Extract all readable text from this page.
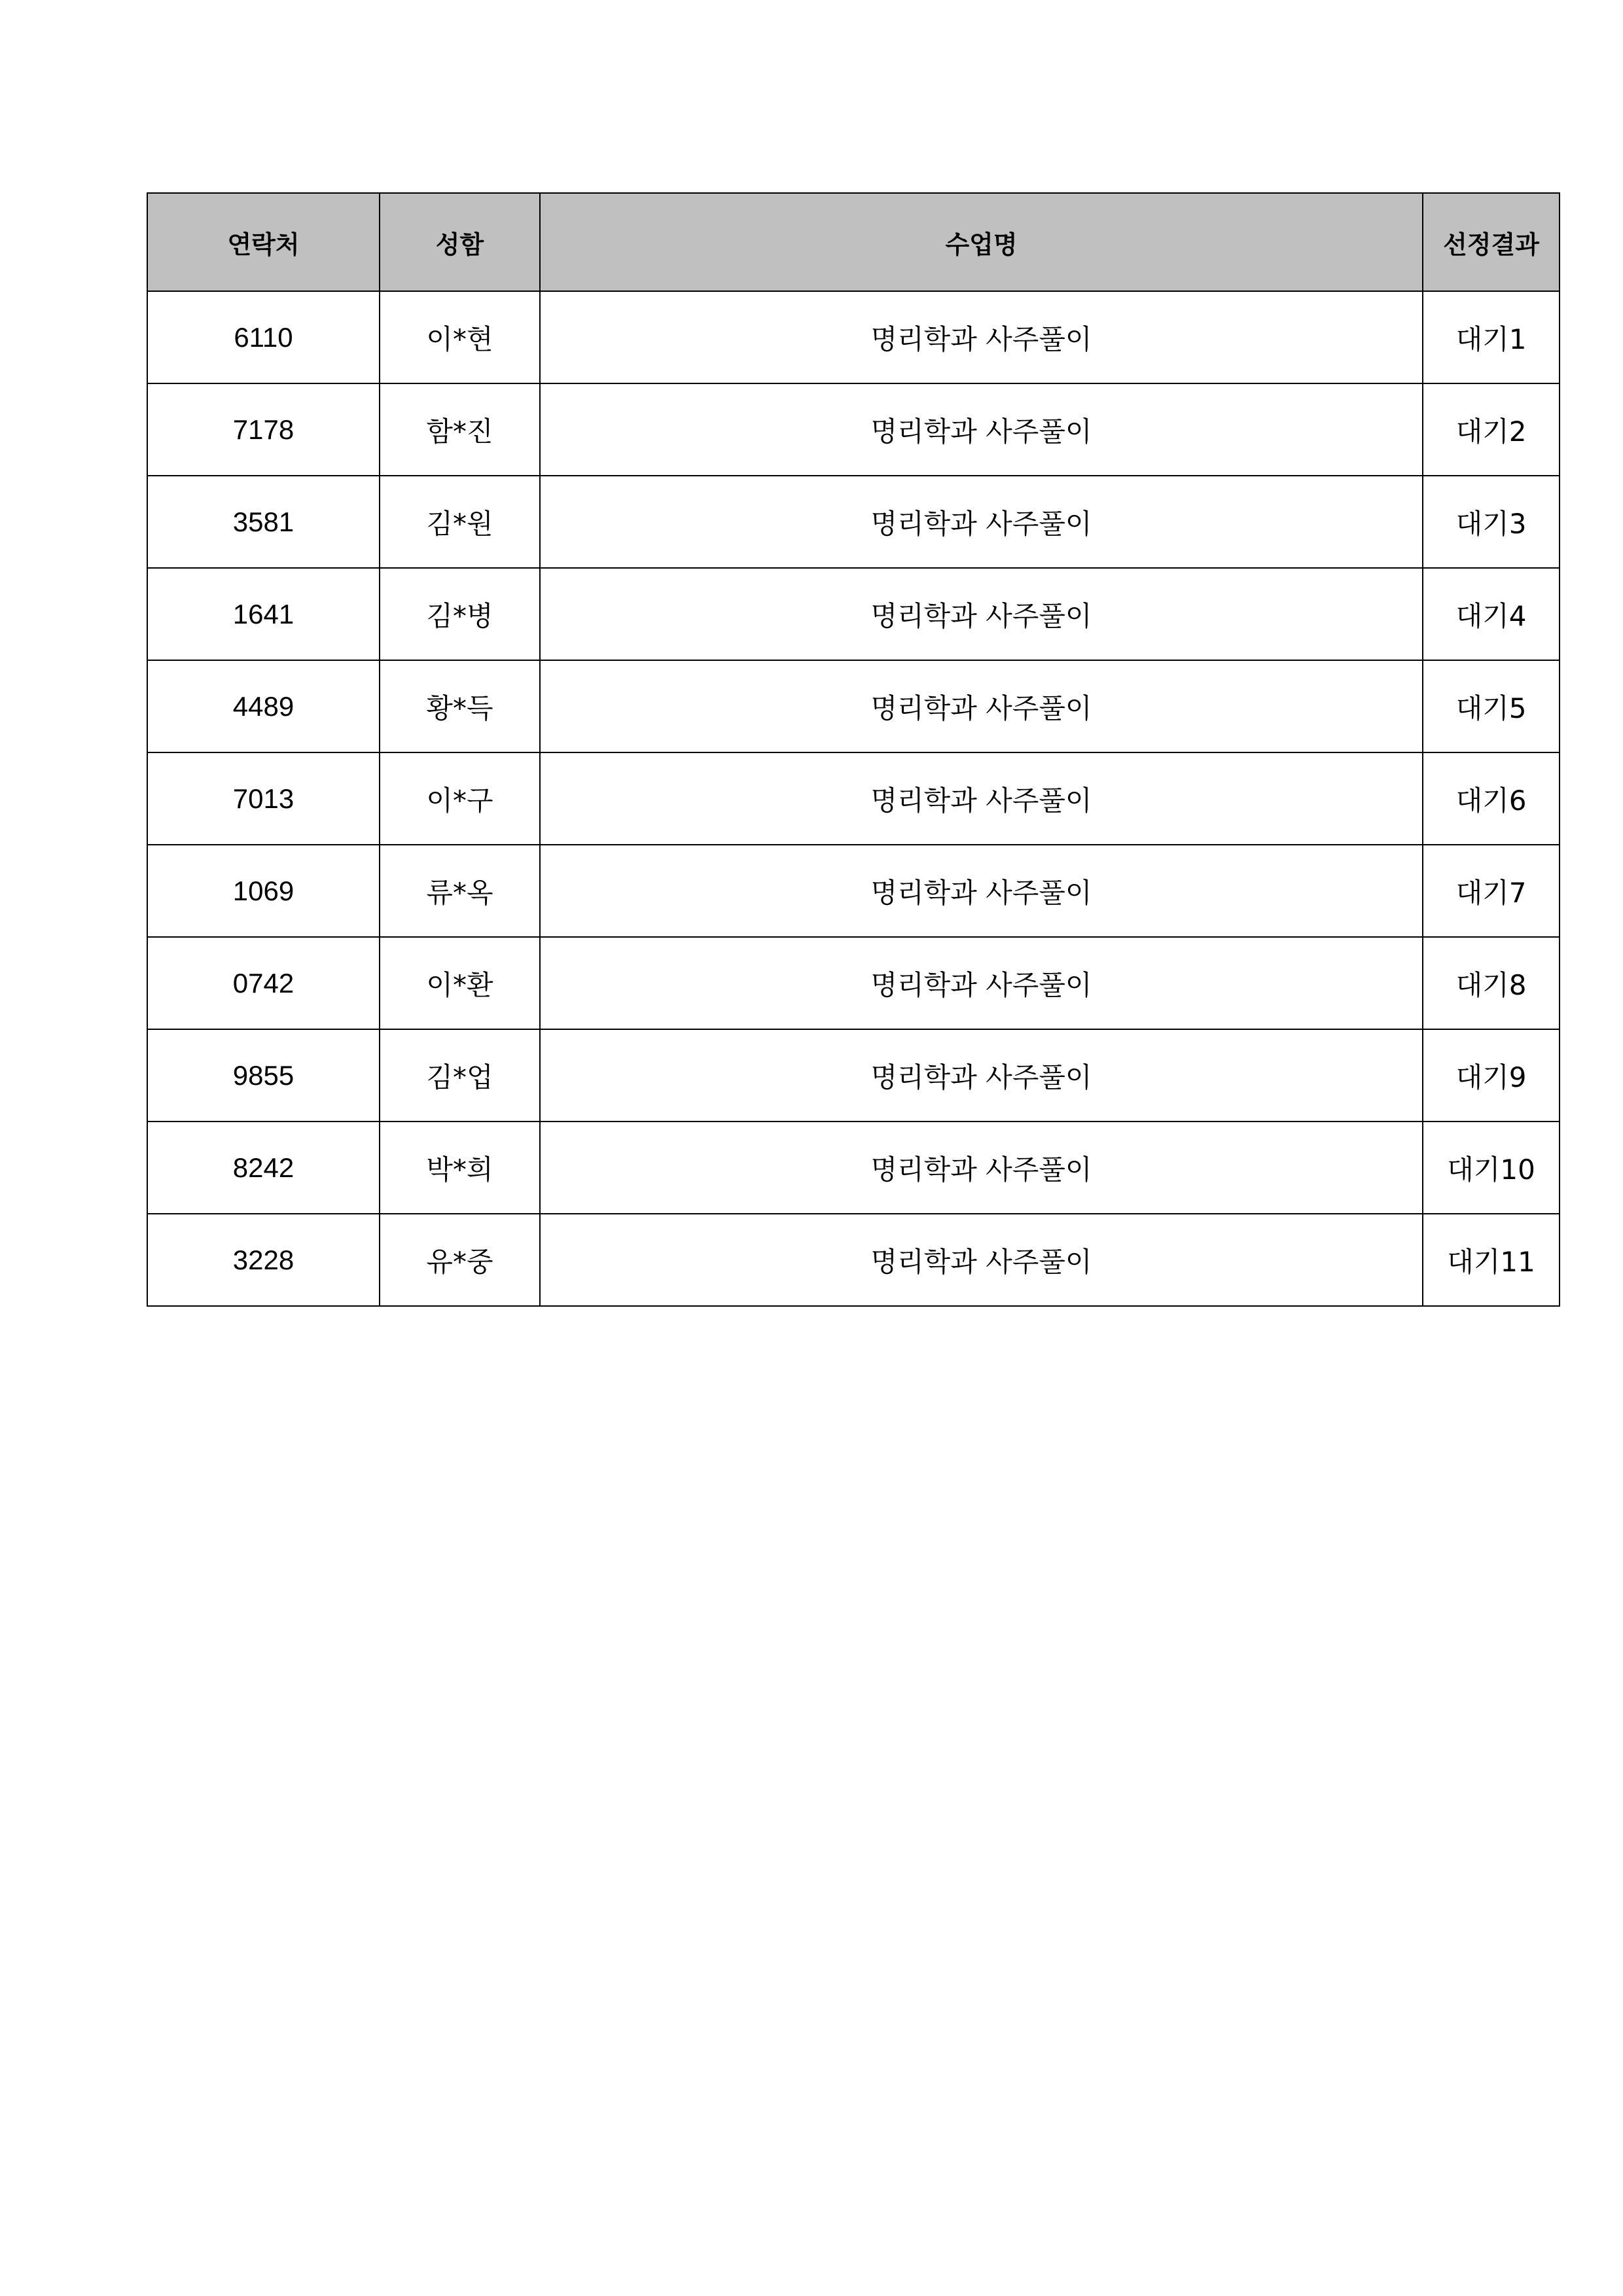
연락처	성함	수업명	선정결과
6110	이*현	명리학과 사주풀이	대기1
7178	함*진	명리학과 사주풀이	대기2
3581	김*원	명리학과 사주풀이	대기3
1641	김*병	명리학과 사주풀이	대기4
4489	황*득	명리학과 사주풀이	대기5
7013	이*구	명리학과 사주풀이	대기6
1069	류*옥	명리학과 사주풀이	대기7
0742	이*환	명리학과 사주풀이	대기8
9855	김*업	명리학과 사주풀이	대기9
8242	박*희	명리학과 사주풀이	대기10
3228	유*중	명리학과 사주풀이	대기11
